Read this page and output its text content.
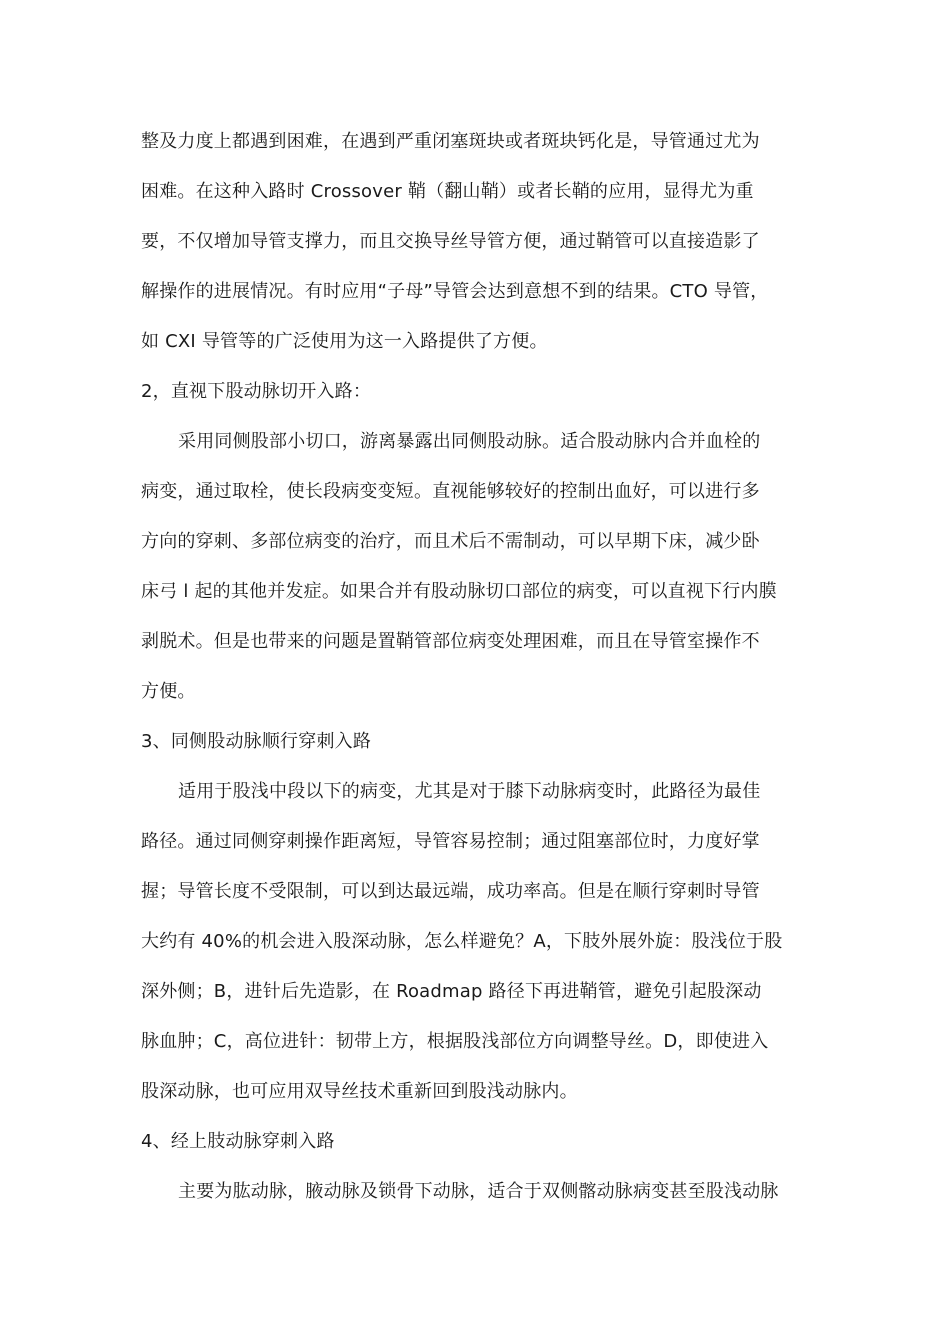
整及力度上都遇到困难，在遇到严重闭塞斑块或者斑块钙化是，导管通过尤为
困难。在这种入路时 Crossover 鞘（翻山鞘）或者长鞘的应用，显得尤为重
要，不仅增加导管支撑力，而且交换导丝导管方便，通过鞘管可以直接造影了
解操作的进展情况。有时应用“子母”导管会达到意想不到的结果。CTO 导管，
如 CXI 导管等的广泛使用为这一入路提供了方便。
2，直视下股动脉切开入路：
采用同侧股部小切口，游离暴露出同侧股动脉。适合股动脉内合并血栓的
病变，通过取栓，使长段病变变短。直视能够较好的控制出血好，可以进行多
方向的穿刺、多部位病变的治疗，而且术后不需制动，可以早期下床，减少卧
床弓 l 起的其他并发症。如果合并有股动脉切口部位的病变，可以直视下行内膜
剥脱术。但是也带来的问题是置鞘管部位病变处理困难，而且在导管室操作不
方便。
3、同侧股动脉顺行穿刺入路
适用于股浅中段以下的病变，尤其是对于膝下动脉病变时，此路径为最佳
路径。通过同侧穿刺操作距离短，导管容易控制；通过阻塞部位时，力度好掌
握；导管长度不受限制，可以到达最远端，成功率高。但是在顺行穿刺时导管
大约有 40%的机会进入股深动脉，怎么样避免？A，下肢外展外旋：股浅位于股
深外侧；B，进针后先造影，在 Roadmap 路径下再进鞘管，避免引起股深动
脉血肿；C，高位进针：韧带上方，根据股浅部位方向调整导丝。D，即使进入
股深动脉，也可应用双导丝技术重新回到股浅动脉内。
4、经上肢动脉穿刺入路
主要为肱动脉，腋动脉及锁骨下动脉，适合于双侧髂动脉病变甚至股浅动脉
